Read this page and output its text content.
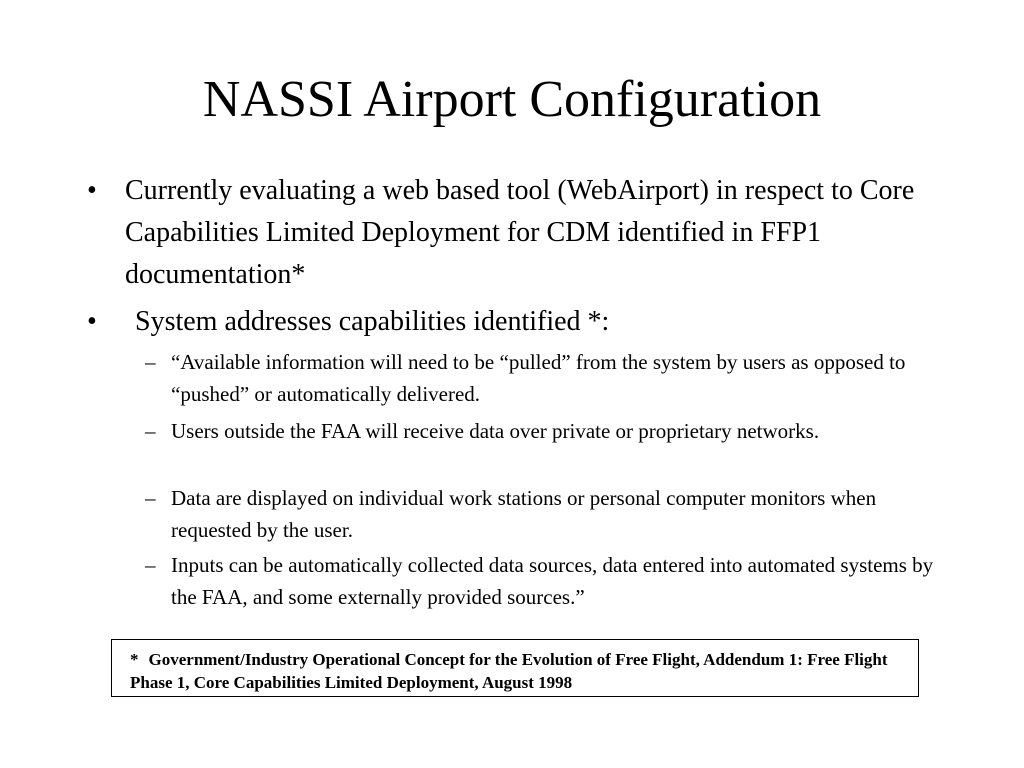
NASSI Airport Configuration
• Currently evaluating a web based tool (WebAirport) in respect to Core Capabilities Limited Deployment for CDM identified in FFP1 documentation*
• System addresses capabilities identified *:
– “Available information will need to be “pulled” from the system by users as opposed to “pushed” or automatically delivered.
– Users outside the FAA will receive data over private or proprietary networks.
– Data are displayed on individual work stations or personal computer monitors when requested by the user.
– Inputs can be automatically collected data sources, data entered into automated systems by the FAA, and some externally provided sources.”
* Government/Industry Operational Concept for the Evolution of Free Flight, Addendum 1: Free Flight Phase 1, Core Capabilities Limited Deployment, August 1998
